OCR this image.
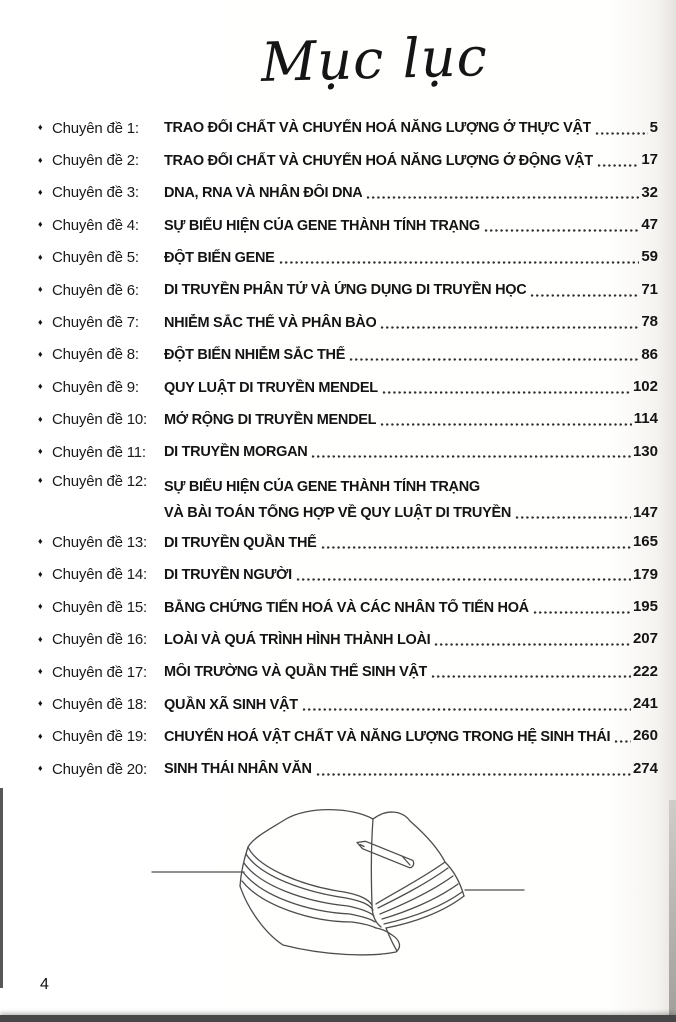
Mục lục
♦ Chuyên đề 1:	TRAO ĐỔI CHẤT VÀ CHUYỂN HOÁ NĂNG LƯỢNG Ở THỰC VẬT	5
♦ Chuyên đề 2:	TRAO ĐỔI CHẤT VÀ CHUYỂN HOÁ NĂNG LƯỢNG Ở ĐỘNG VẬT	17
♦ Chuyên đề 3:	DNA, RNA VÀ NHÂN ĐÔI DNA	32
♦ Chuyên đề 4:	SỰ BIỂU HIỆN CỦA GENE THÀNH TÍNH TRẠNG	47
♦ Chuyên đề 5:	ĐỘT BIẾN GENE	59
♦ Chuyên đề 6:	DI TRUYỀN PHÂN TỬ VÀ ỨNG DỤNG DI TRUYỀN HỌC	71
♦ Chuyên đề 7:	NHIỄM SẮC THỂ VÀ PHÂN BÀO	78
♦ Chuyên đề 8:	ĐỘT BIẾN NHIỄM SẮC THỂ	86
♦ Chuyên đề 9:	QUY LUẬT DI TRUYỀN MENDEL	102
♦ Chuyên đề 10:	MỞ RỘNG DI TRUYỀN MENDEL	114
♦ Chuyên đề 11:	DI TRUYỀN MORGAN	130
♦ Chuyên đề 12:	SỰ BIỂU HIỆN CỦA GENE THÀNH TÍNH TRẠNG
VÀ BÀI TOÁN TỔNG HỢP VỀ QUY LUẬT DI TRUYỀN	147
♦ Chuyên đề 13:	DI TRUYỀN QUẦN THỂ	165
♦ Chuyên đề 14:	DI TRUYỀN NGƯỜI	179
♦ Chuyên đề 15:	BẰNG CHỨNG TIẾN HOÁ VÀ CÁC NHÂN TỐ TIẾN HOÁ	195
♦ Chuyên đề 16:	LOÀI VÀ QUÁ TRÌNH HÌNH THÀNH LOÀI	207
♦ Chuyên đề 17:	MÔI TRƯỜNG VÀ QUẦN THỂ SINH VẬT	222
♦ Chuyên đề 18:	QUẦN XÃ SINH VẬT	241
♦ Chuyên đề 19:	CHUYỂN HOÁ VẬT CHẤT VÀ NĂNG LƯỢNG TRONG HỆ SINH THÁI 260
♦ Chuyên đề 20:	SINH THÁI NHÂN VĂN	274
4
